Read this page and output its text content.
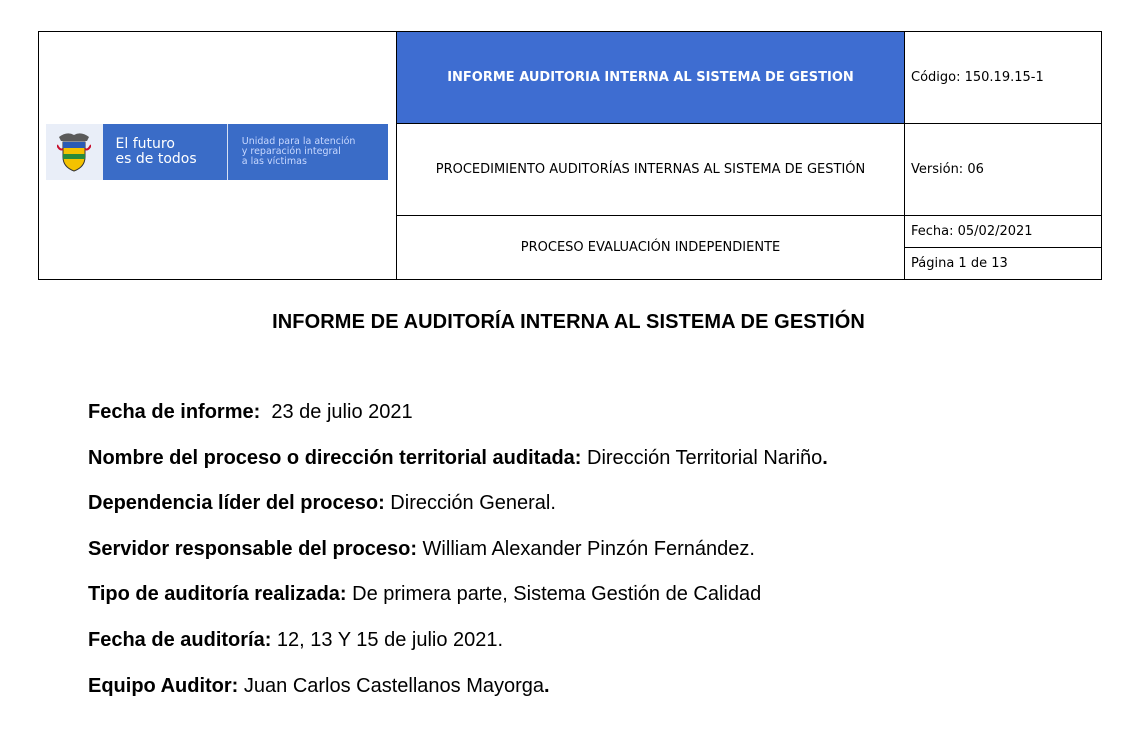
El futuro
es de todos
Unidad para la atención
y reparación integral
a las víctimas	INFORME AUDITORIA INTERNA AL SISTEMA DE GESTION	Código: 150.19.15-1
	PROCEDIMIENTO AUDITORÍAS INTERNAS AL SISTEMA DE GESTIÓN	Versión: 06
	PROCESO EVALUACIÓN INDEPENDIENTE	Fecha: 05/02/2021
Página 1 de 13
INFORME DE AUDITORÍA INTERNA AL SISTEMA DE GESTIÓN
Fecha de informe:  23 de julio 2021
Nombre del proceso o dirección territorial auditada: Dirección Territorial Nariño.
Dependencia líder del proceso: Dirección General.
Servidor responsable del proceso: William Alexander Pinzón Fernández.
Tipo de auditoría realizada: De primera parte, Sistema Gestión de Calidad
Fecha de auditoría: 12, 13 Y 15 de julio 2021.
Equipo Auditor: Juan Carlos Castellanos Mayorga.
